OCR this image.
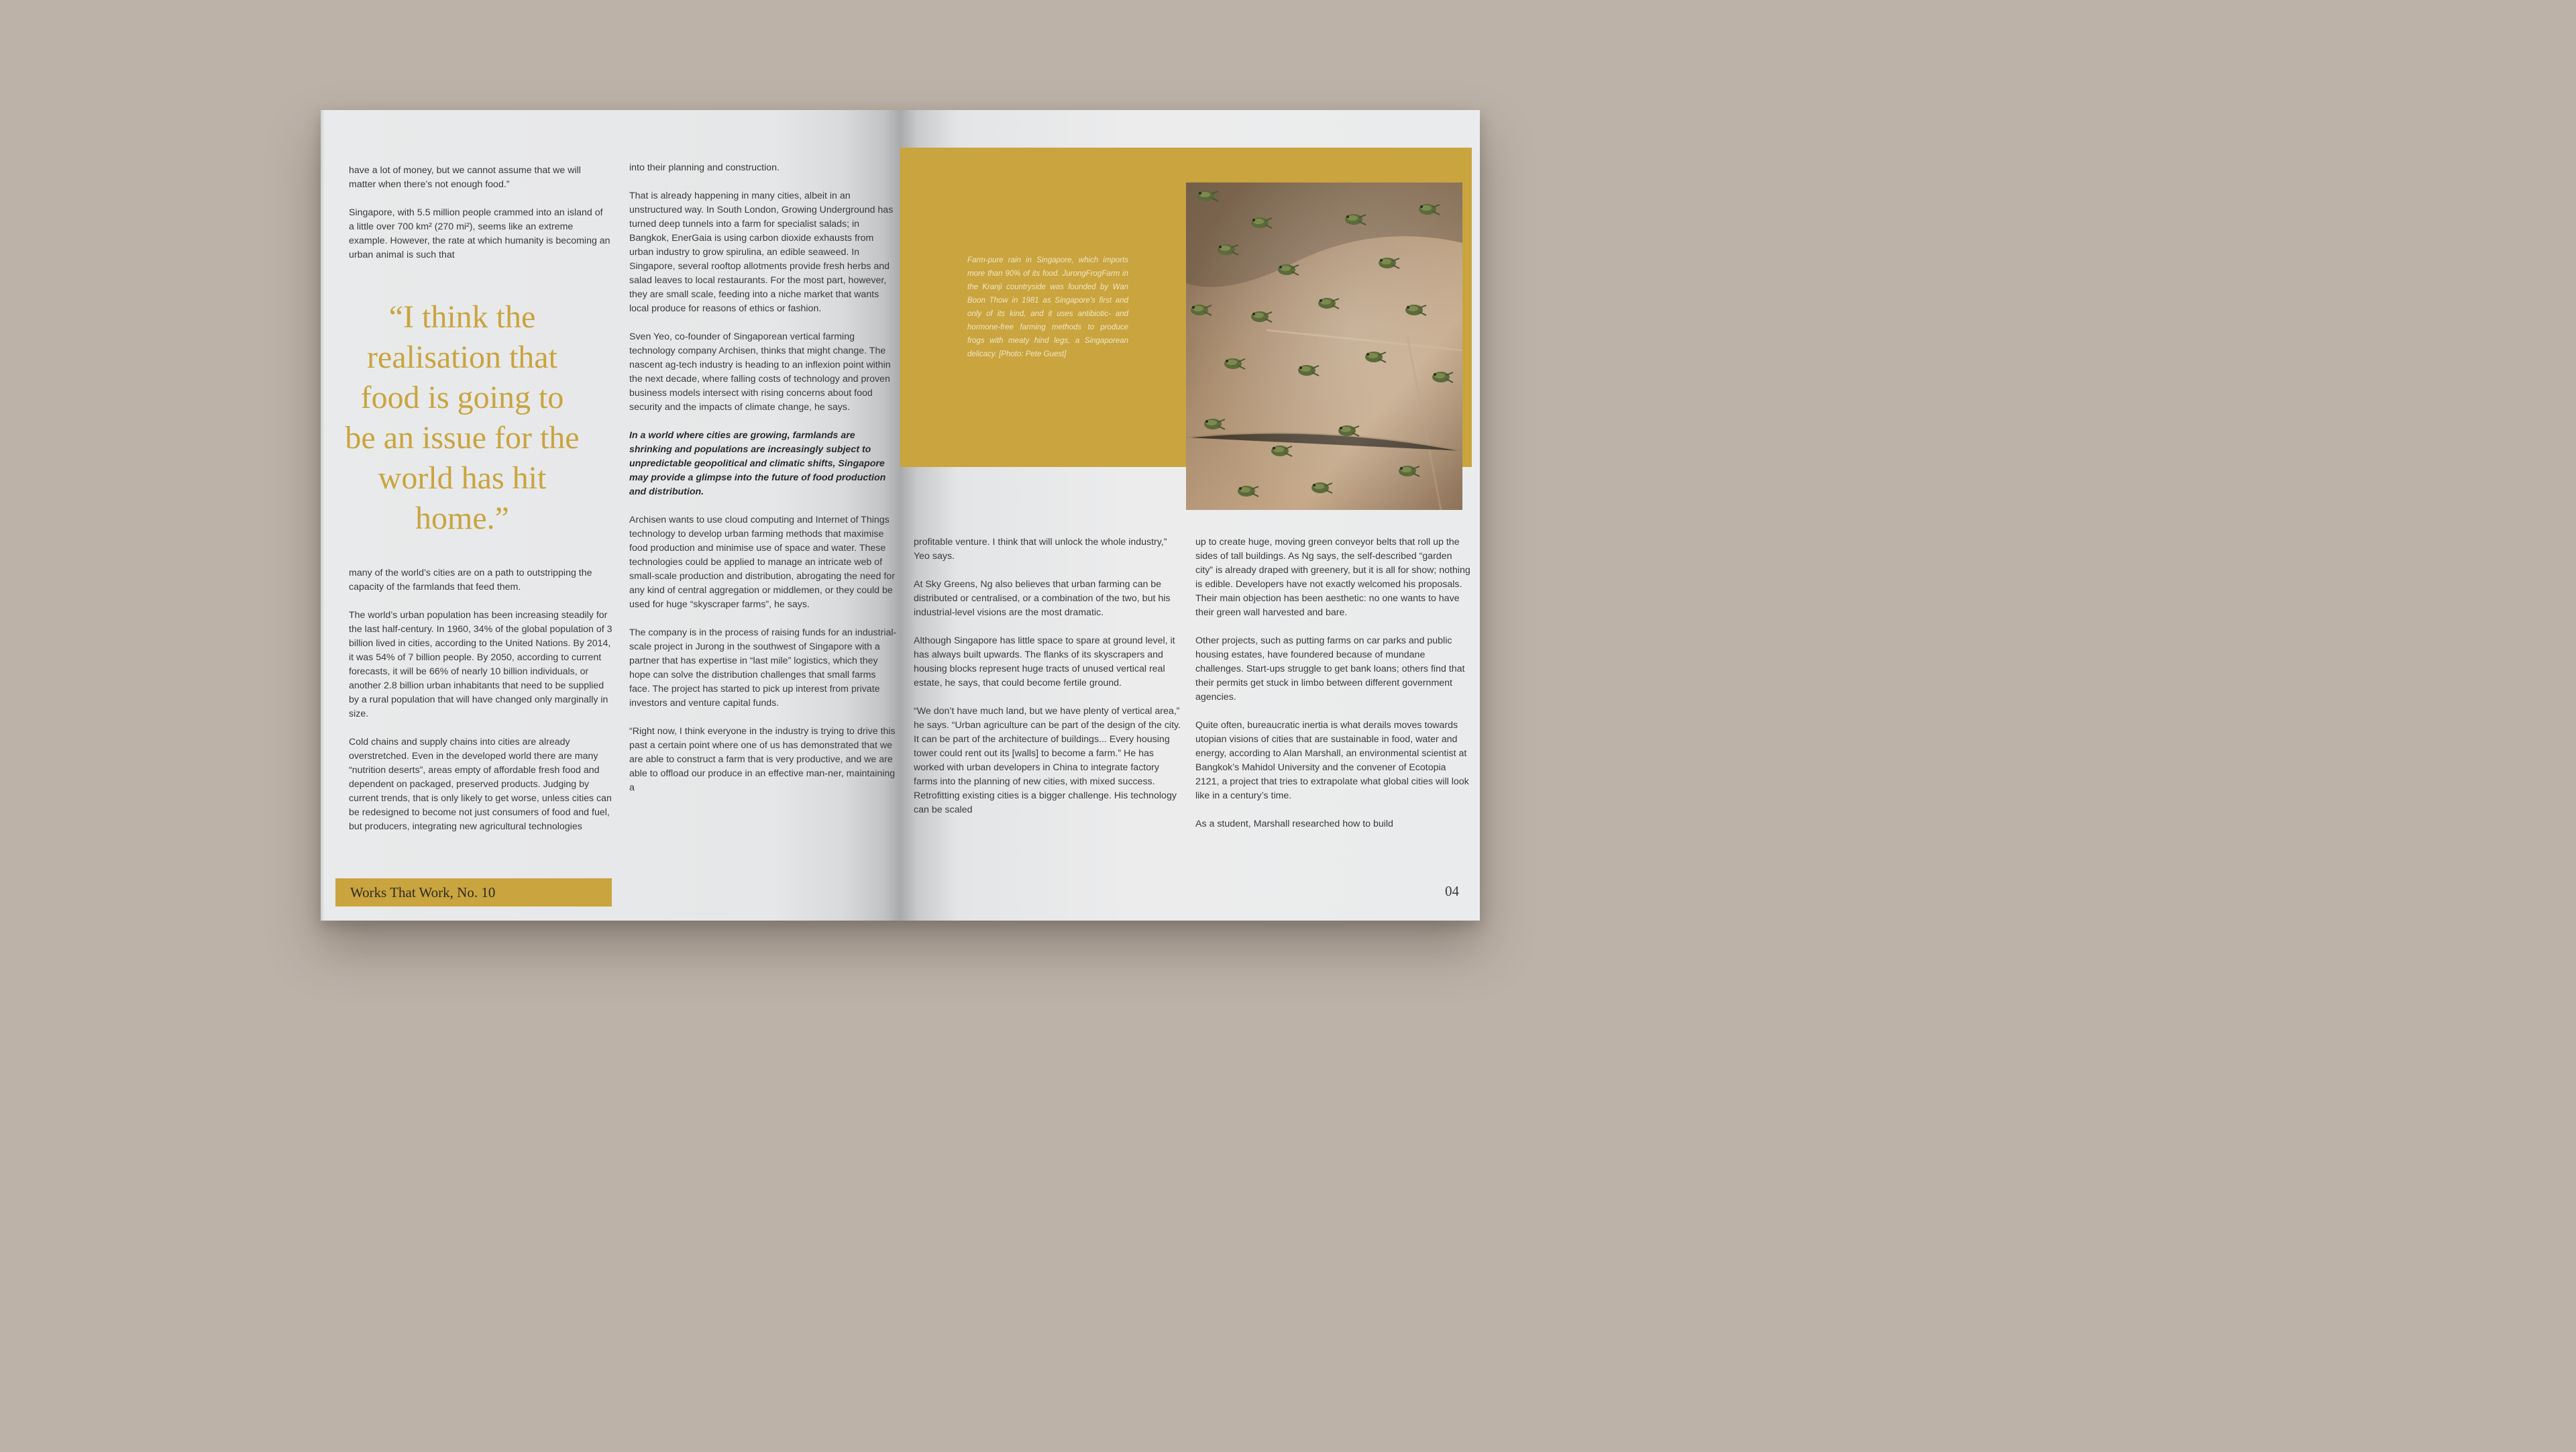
have a lot of money, but we cannot assume that we will matter when there’s not enough food.”

Singapore, with 5.5 million people crammed into an island of a little over 700 km² (270 mi²), seems like an extreme example. However, the rate at which humanity is becoming an urban animal is such that

“I think the realisation that food is going to be an issue for the world has hit home.”

many of the world’s cities are on a path to outstripping the capacity of the farmlands that feed them.

The world’s urban population has been increasing steadily for the last half-century. In 1960, 34% of the global population of 3 billion lived in cities, according to the United Nations. By 2014, it was 54% of 7 billion people. By 2050, according to current forecasts, it will be 66% of nearly 10 billion individuals, or another 2.8 billion urban inhabitants that need to be supplied by a rural population that will have changed only marginally in size.

Cold chains and supply chains into cities are already overstretched. Even in the developed world there are many “nutrition deserts”, areas empty of affordable fresh food and dependent on packaged, preserved products. Judging by current trends, that is only likely to get worse, unless cities can be redesigned to become not just consumers of food and fuel, but producers, integrating new agricultural technologies

into their planning and construction.

That is already happening in many cities, albeit in an unstructured way. In South London, Growing Underground has turned deep tunnels into a farm for specialist salads; in Bangkok, EnerGaia is using carbon dioxide exhausts from urban industry to grow spirulina, an edible seaweed. In Singapore, several rooftop allotments provide fresh herbs and salad leaves to local restaurants. For the most part, however, they are small scale, feeding into a niche market that wants local produce for reasons of ethics or fashion.

Sven Yeo, co-founder of Singaporean vertical farming technology company Archisen, thinks that might change. The nascent ag-tech industry is heading to an inflexion point within the next decade, where falling costs of technology and proven business models intersect with rising concerns about food security and the impacts of climate change, he says.

In a world where cities are growing, farmlands are shrinking and populations are increasingly subject to unpredictable geopolitical and climatic shifts, Singapore may provide a glimpse into the future of food production and distribution.

Archisen wants to use cloud computing and Internet of Things technology to develop urban farming methods that maximise food production and minimise use of space and water. These technologies could be applied to manage an intricate web of small-scale production and distribution, abrogating the need for any kind of central aggregation or middlemen, or they could be used for huge “skyscraper farms”, he says.

The company is in the process of raising funds for an industrial-scale project in Jurong in the southwest of Singapore with a partner that has expertise in “last mile” logistics, which they hope can solve the distribution challenges that small farms face. The project has started to pick up interest from private investors and venture capital funds.

“Right now, I think everyone in the industry is trying to drive this past a certain point where one of us has demonstrated that we are able to construct a farm that is very productive, and we are able to offload our produce in an effective man-ner, maintaining a

Works That Work, No. 10
Farm-pure rain in Singapore, which imports more than 90% of its food. JurongFrogFarm in the Kranji countryside was founded by Wan Boon Thow in 1981 as Singapore’s first and only of its kind, and it uses antibiotic- and hormone-free farming methods to produce frogs with meaty hind legs, a Singaporean delicacy. [Photo: Pete Guest]

profitable venture. I think that will unlock the whole industry,” Yeo says.

At Sky Greens, Ng also believes that urban farming can be distributed or centralised, or a combination of the two, but his industrial-level visions are the most dramatic.

Although Singapore has little space to spare at ground level, it has always built upwards. The flanks of its skyscrapers and housing blocks represent huge tracts of unused vertical real estate, he says, that could become fertile ground.

“We don’t have much land, but we have plenty of vertical area,” he says. “Urban agriculture can be part of the design of the city. It can be part of the architecture of buildings... Every housing tower could rent out its [walls] to become a farm.” He has worked with urban developers in China to integrate factory farms into the planning of new cities, with mixed success. Retrofitting existing cities is a bigger challenge. His technology can be scaled

up to create huge, moving green conveyor belts that roll up the sides of tall buildings. As Ng says, the self-described “garden city” is already draped with greenery, but it is all for show; nothing is edible. Developers have not exactly welcomed his proposals. Their main objection has been aesthetic: no one wants to have their green wall harvested and bare.

Other projects, such as putting farms on car parks and public housing estates, have foundered because of mundane challenges. Start-ups struggle to get bank loans; others find that their permits get stuck in limbo between different government agencies.

Quite often, bureaucratic inertia is what derails moves towards utopian visions of cities that are sustainable in food, water and energy, according to Alan Marshall, an environmental scientist at Bangkok’s Mahidol University and the convener of Ecotopia 2121, a project that tries to extrapolate what global cities will look like in a century’s time.

As a student, Marshall researched how to build

04
